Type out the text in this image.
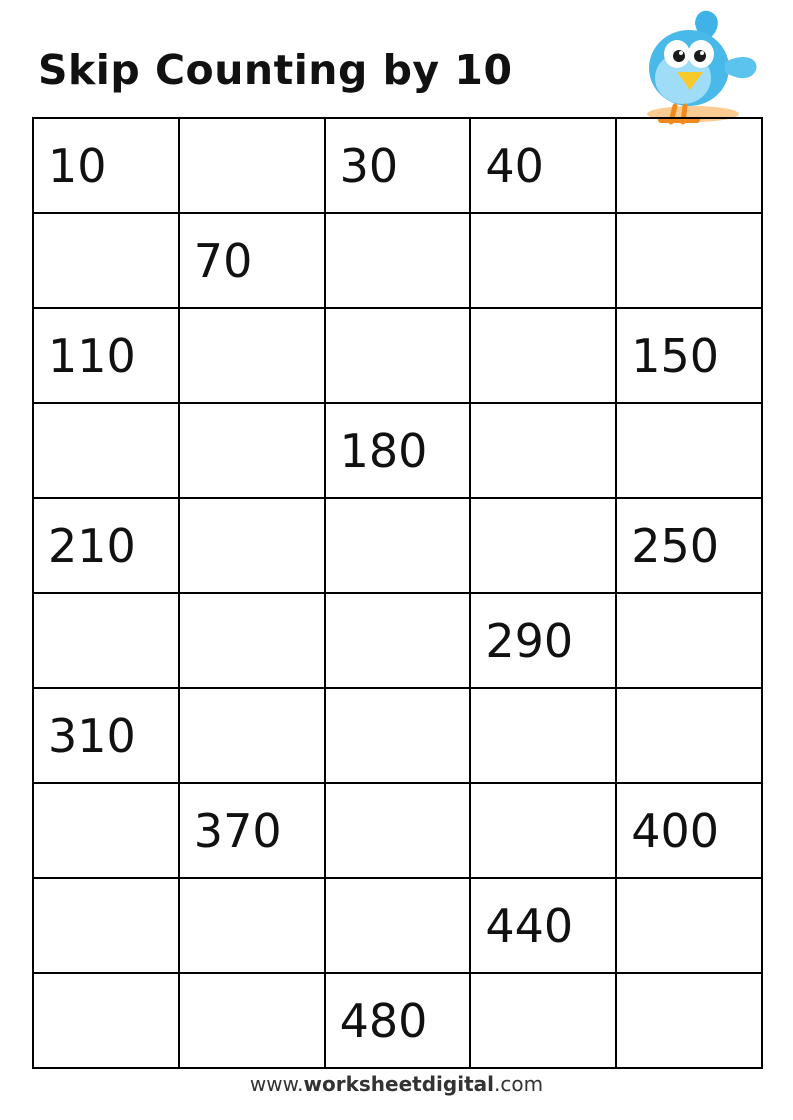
Skip Counting by 10
10		30	40	
	70			
110				150
		180		
210				250
			290	
310				
	370			400
			440	
		480		
www.worksheetdigital.com
